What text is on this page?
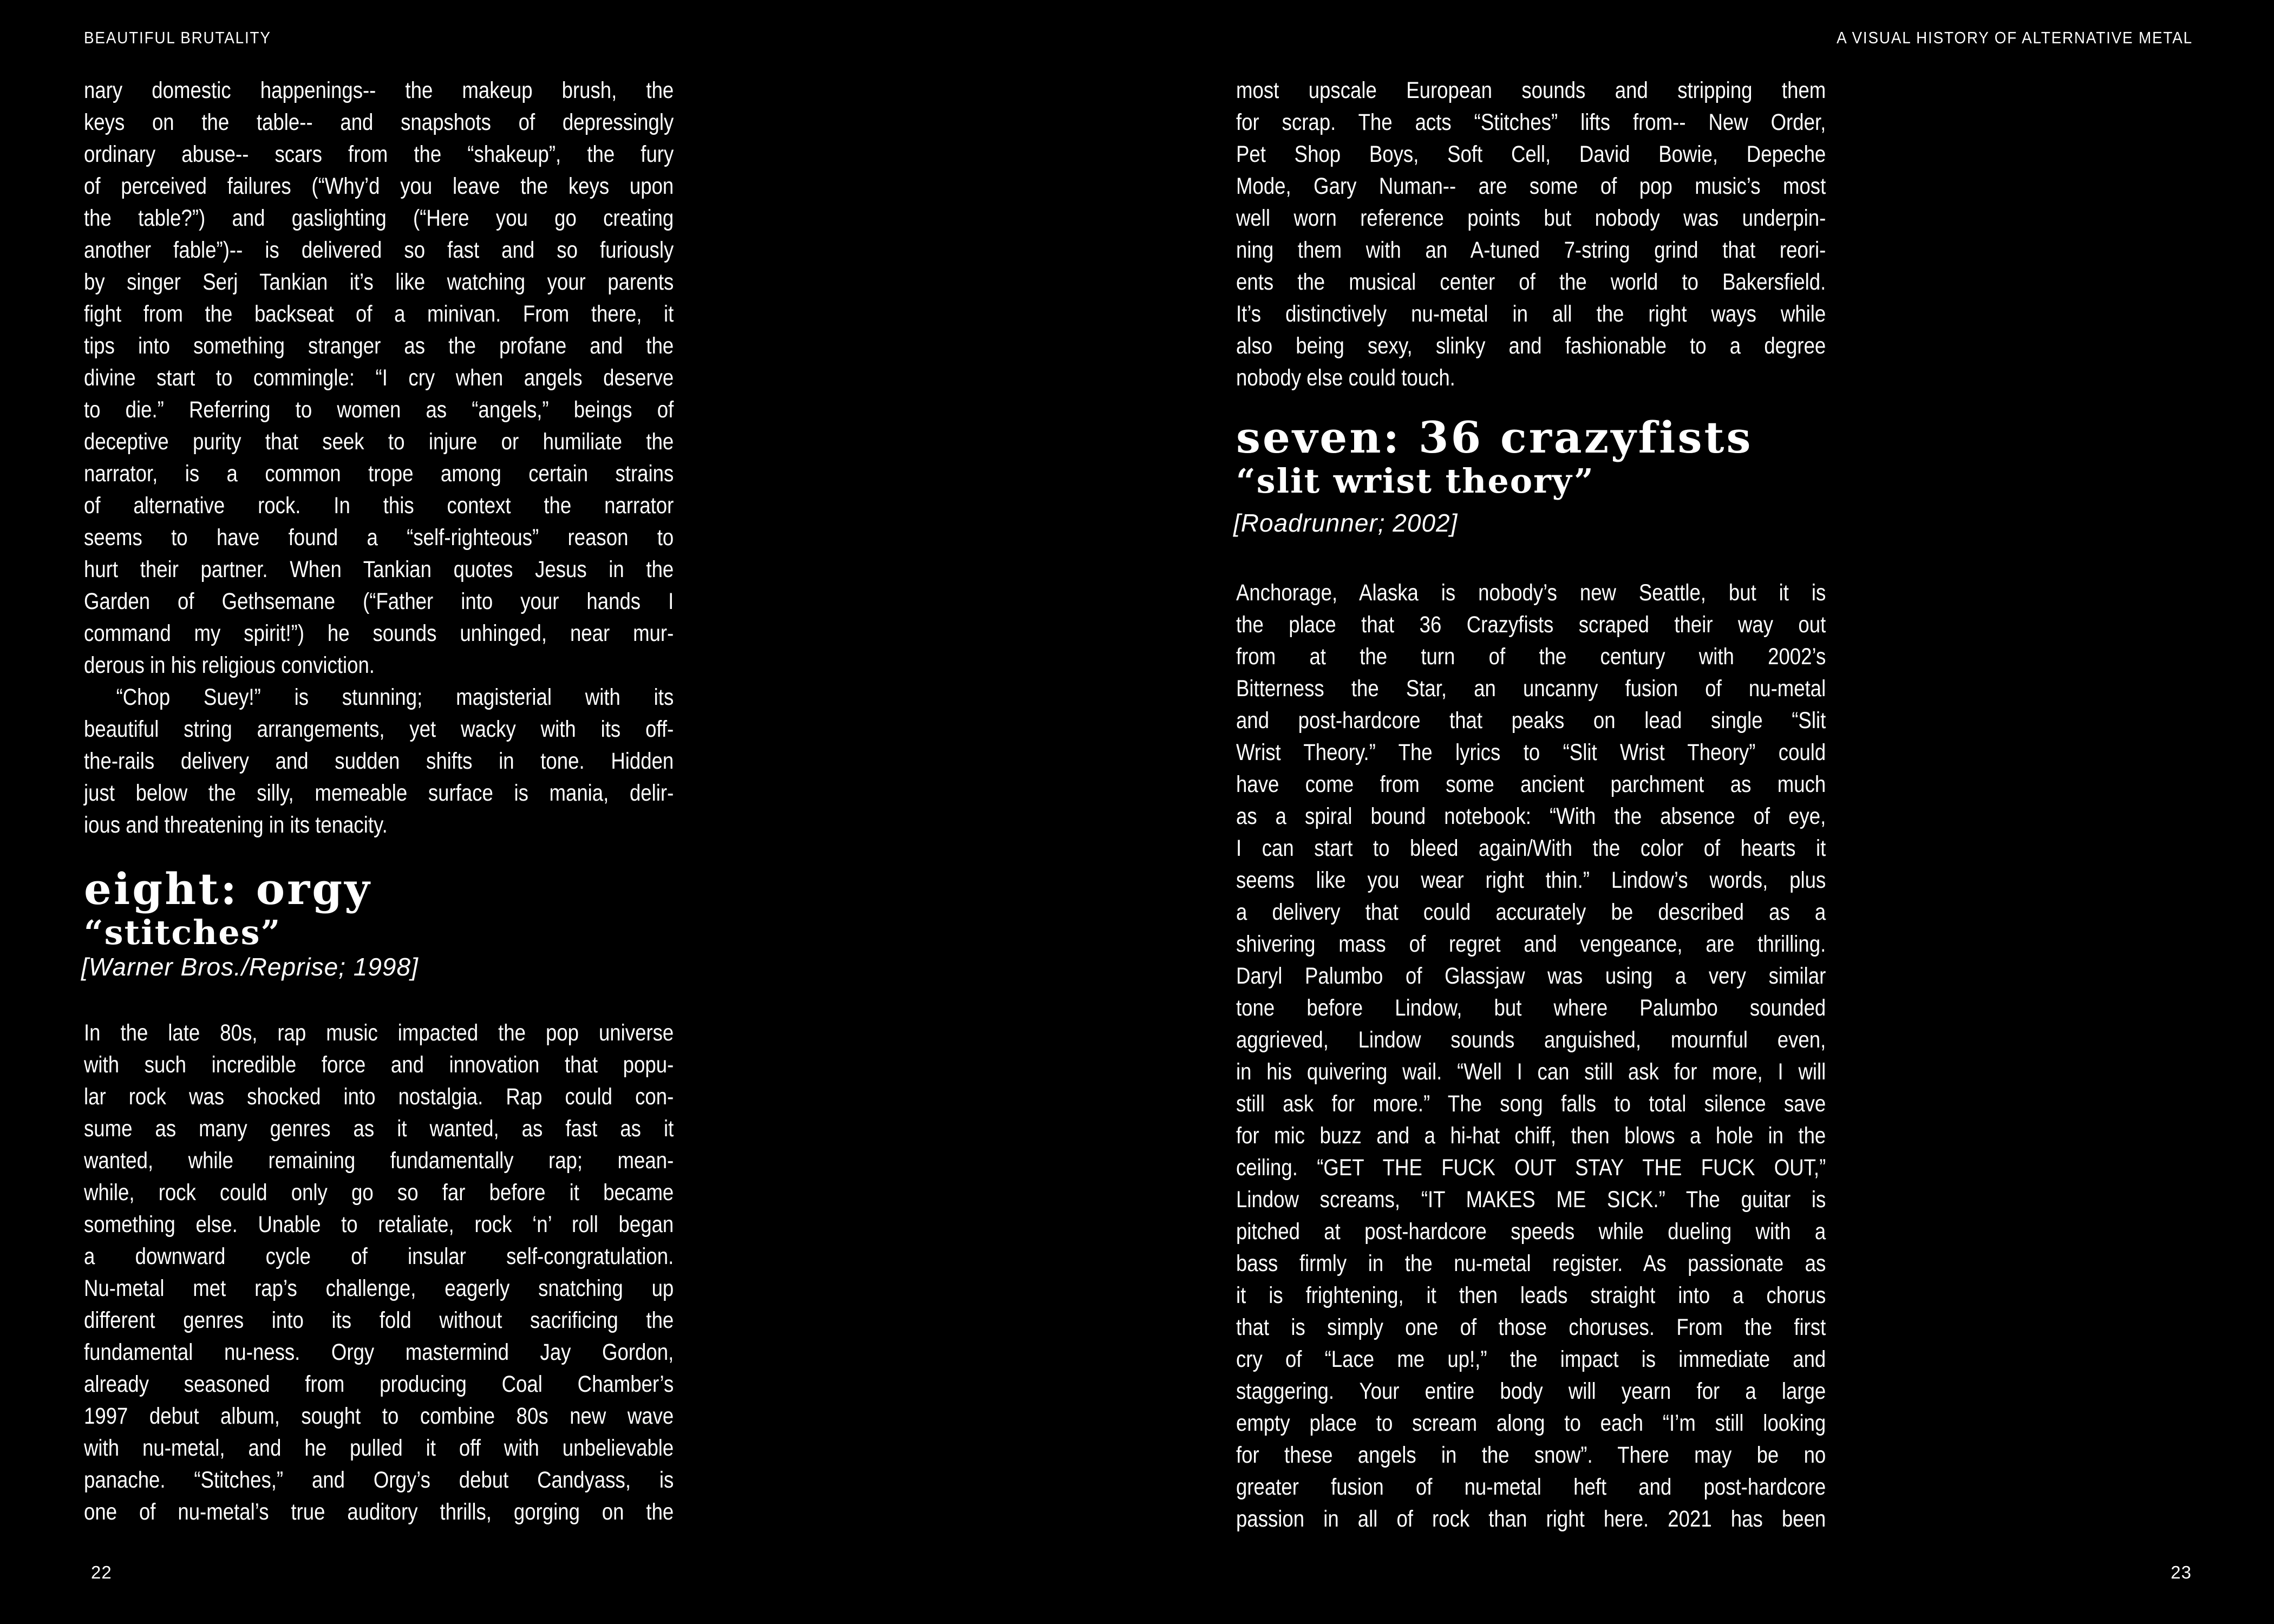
BEAUTIFUL BRUTALITY	A VISUAL HISTORY OF ALTERNATIVE METAL
nary domestic happenings-- the makeup brush, the
keys on the table-- and snapshots of depressingly
ordinary abuse-- scars from the “shakeup”, the fury
of perceived failures (“Why’d you leave the keys upon
the table?”) and gaslighting (“Here you go creating
another fable”)-- is delivered so fast and so furiously
by singer Serj Tankian it’s like watching your parents
fight from the backseat of a minivan. From there, it
tips into something stranger as the profane and the
divine start to commingle: “I cry when angels deserve
to die.” Referring to women as “angels,” beings of
deceptive purity that seek to injure or humiliate the
narrator, is a common trope among certain strains
of alternative rock. In this context the narrator
seems to have found a “self-righteous” reason to
hurt their partner. When Tankian quotes Jesus in the
Garden of Gethsemane (“Father into your hands I
command my spirit!”) he sounds unhinged, near mur-
derous in his religious conviction.
“Chop Suey!” is stunning; magisterial with its
beautiful string arrangements, yet wacky with its off-
the-rails delivery and sudden shifts in tone. Hidden
just below the silly, memeable surface is mania, delir-
ious and threatening in its tenacity.
eight: orgy
“stitches”
[Warner Bros./Reprise; 1998]
In the late 80s, rap music impacted the pop universe
with such incredible force and innovation that popu-
lar rock was shocked into nostalgia. Rap could con-
sume as many genres as it wanted, as fast as it
wanted, while remaining fundamentally rap; mean-
while, rock could only go so far before it became
something else. Unable to retaliate, rock ‘n’ roll began
a downward cycle of insular self-congratulation.
Nu-metal met rap’s challenge, eagerly snatching up
different genres into its fold without sacrificing the
fundamental nu-ness. Orgy mastermind Jay Gordon,
already seasoned from producing Coal Chamber’s
1997 debut album, sought to combine 80s new wave
with nu-metal, and he pulled it off with unbelievable
panache. “Stitches,” and Orgy’s debut Candyass, is
one of nu-metal’s true auditory thrills, gorging on the
22
most upscale European sounds and stripping them
for scrap. The acts “Stitches” lifts from-- New Order,
Pet Shop Boys, Soft Cell, David Bowie, Depeche
Mode, Gary Numan-- are some of pop music’s most
well worn reference points but nobody was underpin-
ning them with an A-tuned 7-string grind that reori-
ents the musical center of the world to Bakersfield.
It’s distinctively nu-metal in all the right ways while
also being sexy, slinky and fashionable to a degree
nobody else could touch.
seven: 36 crazyfists
“slit wrist theory”
[Roadrunner; 2002]
Anchorage, Alaska is nobody’s new Seattle, but it is
the place that 36 Crazyfists scraped their way out
from at the turn of the century with 2002’s
Bitterness the Star, an uncanny fusion of nu-metal
and post-hardcore that peaks on lead single “Slit
Wrist Theory.” The lyrics to “Slit Wrist Theory” could
have come from some ancient parchment as much
as a spiral bound notebook: “With the absence of eye,
I can start to bleed again/With the color of hearts it
seems like you wear right thin.” Lindow’s words, plus
a delivery that could accurately be described as a
shivering mass of regret and vengeance, are thrilling.
Daryl Palumbo of Glassjaw was using a very similar
tone before Lindow, but where Palumbo sounded
aggrieved, Lindow sounds anguished, mournful even,
in his quivering wail. “Well I can still ask for more, I will
still ask for more.” The song falls to total silence save
for mic buzz and a hi-hat chiff, then blows a hole in the
ceiling. “GET THE FUCK OUT STAY THE FUCK OUT,”
Lindow screams, “IT MAKES ME SICK.” The guitar is
pitched at post-hardcore speeds while dueling with a
bass firmly in the nu-metal register. As passionate as
it is frightening, it then leads straight into a chorus
that is simply one of those choruses. From the first
cry of “Lace me up!,” the impact is immediate and
staggering. Your entire body will yearn for a large
empty place to scream along to each “I’m still looking
for these angels in the snow”. There may be no
greater fusion of nu-metal heft and post-hardcore
passion in all of rock than right here. 2021 has been
23
